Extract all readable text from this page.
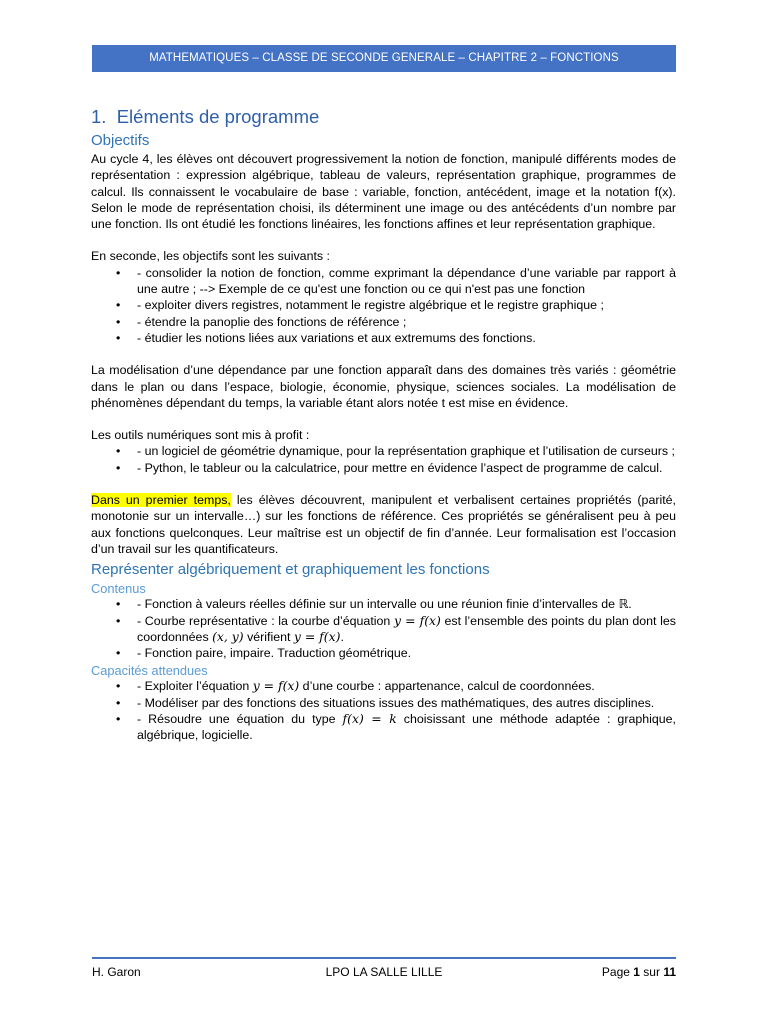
MATHEMATIQUES – CLASSE DE SECONDE GENERALE – CHAPITRE 2 – FONCTIONS
1.  Eléments de programme
Objectifs

Au cycle 4, les élèves ont découvert progressivement la notion de fonction, manipulé différents modes de représentation : expression algébrique, tableau de valeurs, représentation graphique, programmes de calcul. Ils connaissent le vocabulaire de base : variable, fonction, antécédent, image et la notation f(x). Selon le mode de représentation choisi, ils déterminent une image ou des antécédents d’un nombre par une fonction. Ils ont étudié les fonctions linéaires, les fonctions affines et leur représentation graphique.

En seconde, les objectifs sont les suivants :

• - consolider la notion de fonction, comme exprimant la dépendance d’une variable par rapport à une autre ; --> Exemple de ce qu'est une fonction ou ce qui n'est pas une fonction
• - exploiter divers registres, notamment le registre algébrique et le registre graphique ;
• - étendre la panoplie des fonctions de référence ;
• - étudier les notions liées aux variations et aux extremums des fonctions.

La modélisation d’une dépendance par une fonction apparaît dans des domaines très variés : géométrie dans le plan ou dans l’espace, biologie, économie, physique, sciences sociales. La modélisation de phénomènes dépendant du temps, la variable étant alors notée t est mise en évidence.

Les outils numériques sont mis à profit :

• - un logiciel de géométrie dynamique, pour la représentation graphique et l’utilisation de curseurs ;
• - Python, le tableur ou la calculatrice, pour mettre en évidence l’aspect de programme de calcul.

Dans un premier temps, les élèves découvrent, manipulent et verbalisent certaines propriétés (parité, monotonie sur un intervalle…) sur les fonctions de référence. Ces propriétés se généralisent peu à peu aux fonctions quelconques. Leur maîtrise est un objectif de fin d’année. Leur formalisation est l’occasion d’un travail sur les quantificateurs.

Représenter algébriquement et graphiquement les fonctions
Contenus
• - Fonction à valeurs réelles définie sur un intervalle ou une réunion finie d’intervalles de ℝ.
• - Courbe représentative : la courbe d’équation y = f(x) est l’ensemble des points du plan dont les coordonnées (x, y) vérifient y = f(x).
• - Fonction paire, impaire. Traduction géométrique.
Capacités attendues
• - Exploiter l’équation y = f(x) d’une courbe : appartenance, calcul de coordonnées.
• - Modéliser par des fonctions des situations issues des mathématiques, des autres disciplines.
• - Résoudre une équation du type f(x) = k choisissant une méthode adaptée : graphique, algébrique, logicielle.
LPO LA SALLE LILLE
H. Garon	Page 1 sur 11
